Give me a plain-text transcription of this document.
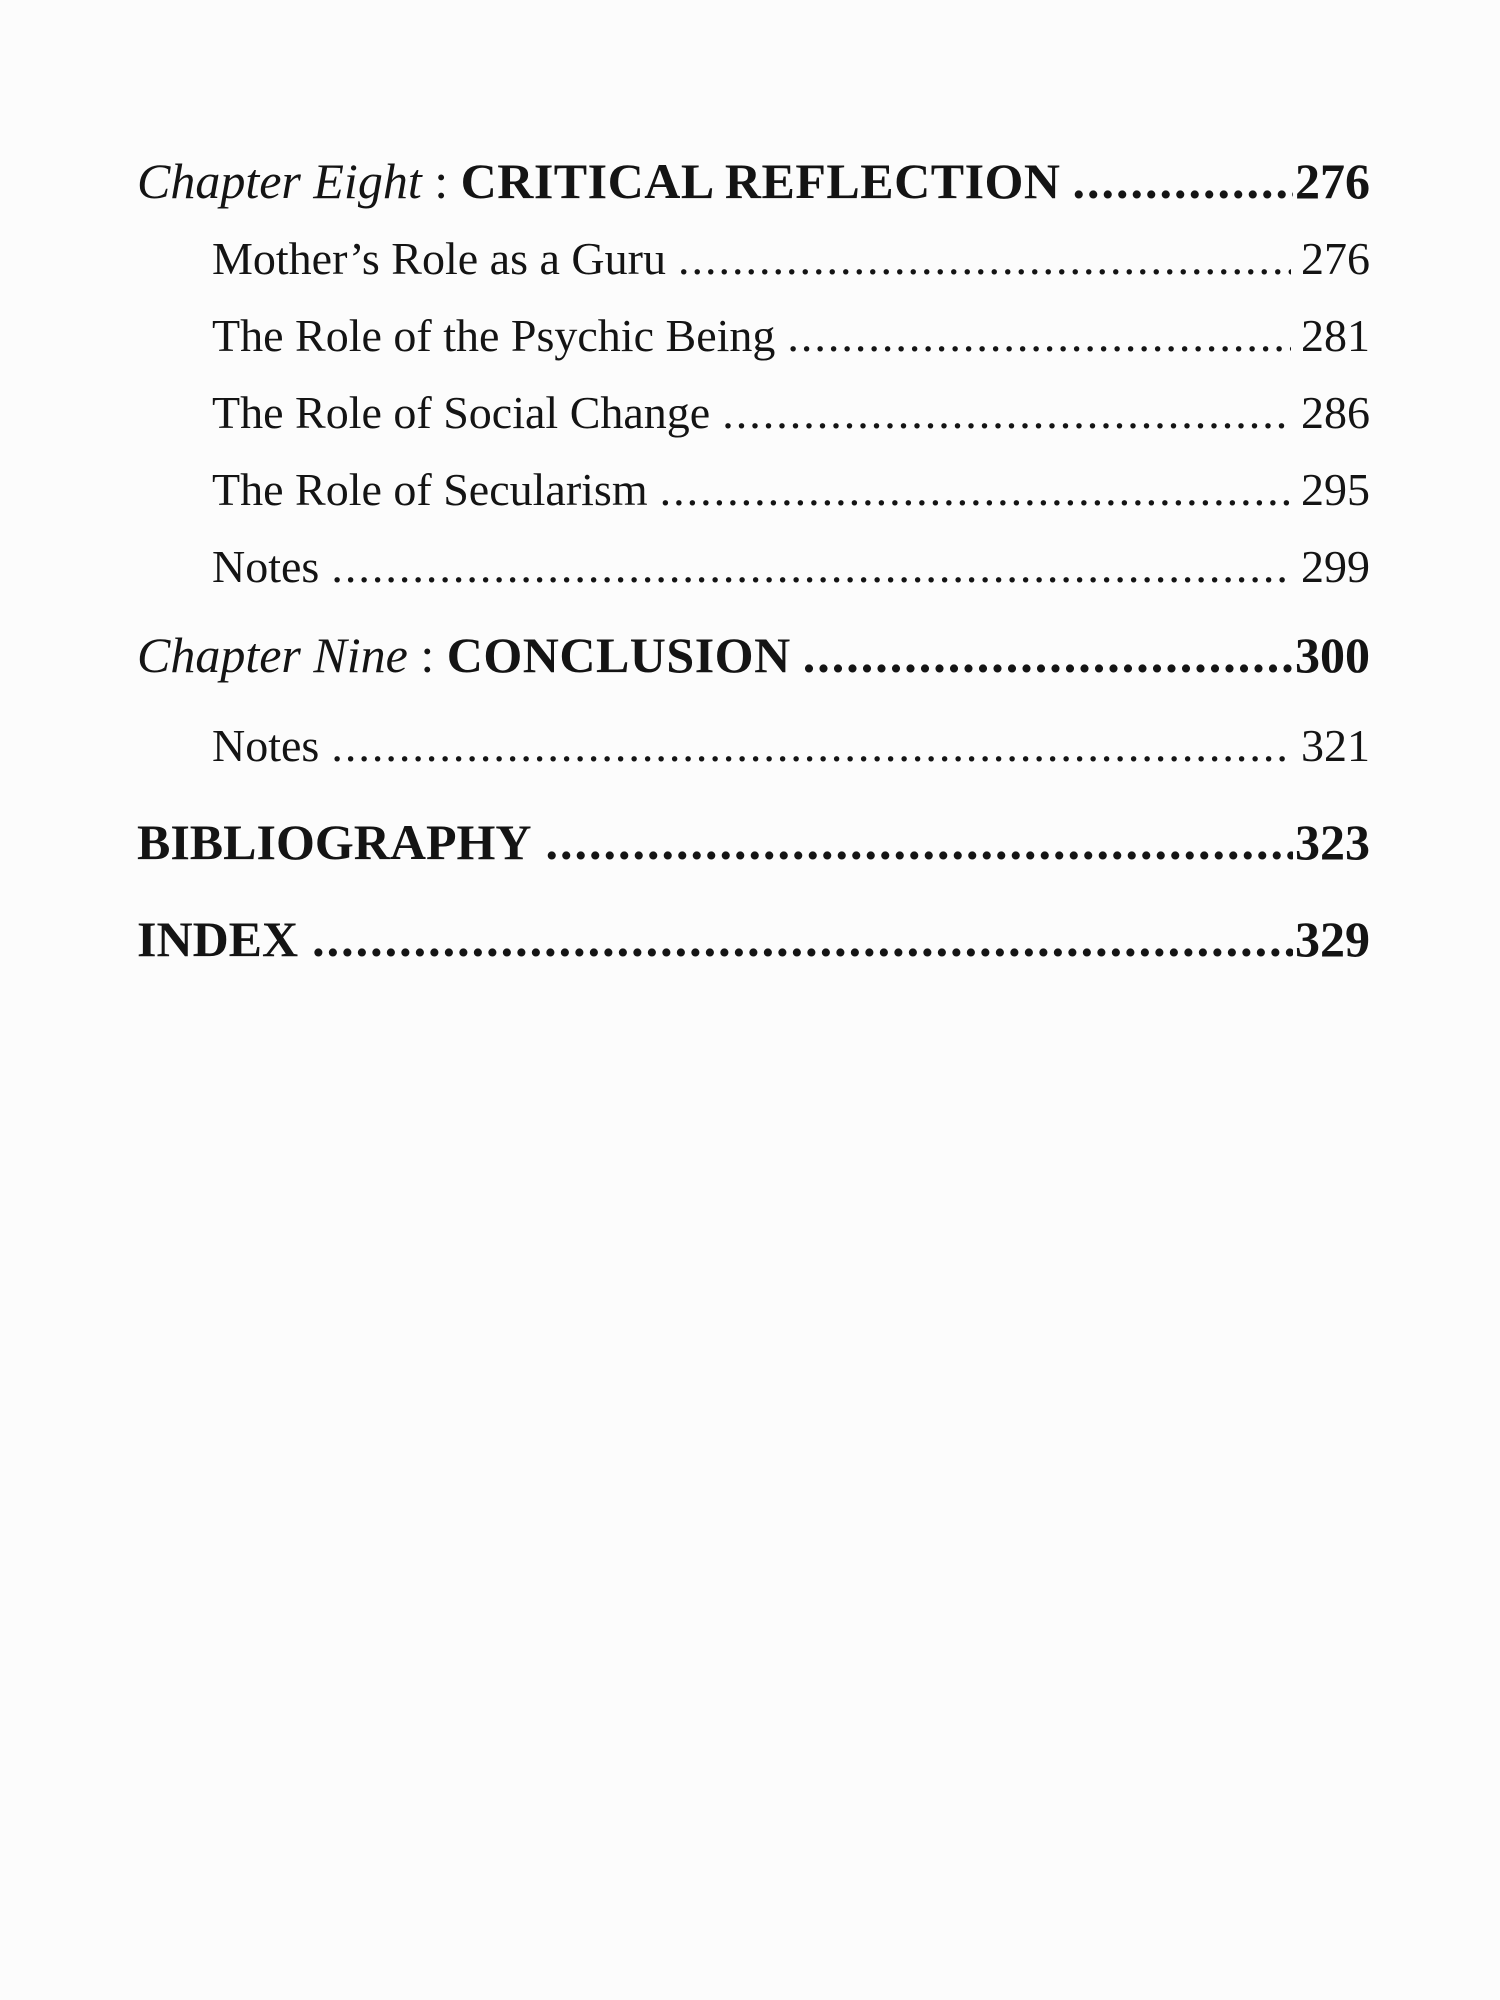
Chapter Eight : CRITICAL REFLECTION .....	276
Mother’s Role as a Guru .....	276
The Role of the Psychic Being .....	281
The Role of Social Change .....	286
The Role of Secularism .....	295
Notes .....	299
Chapter Nine : CONCLUSION .....	300
Notes .....	321
BIBLIOGRAPHY .....	323
INDEX .....	329
